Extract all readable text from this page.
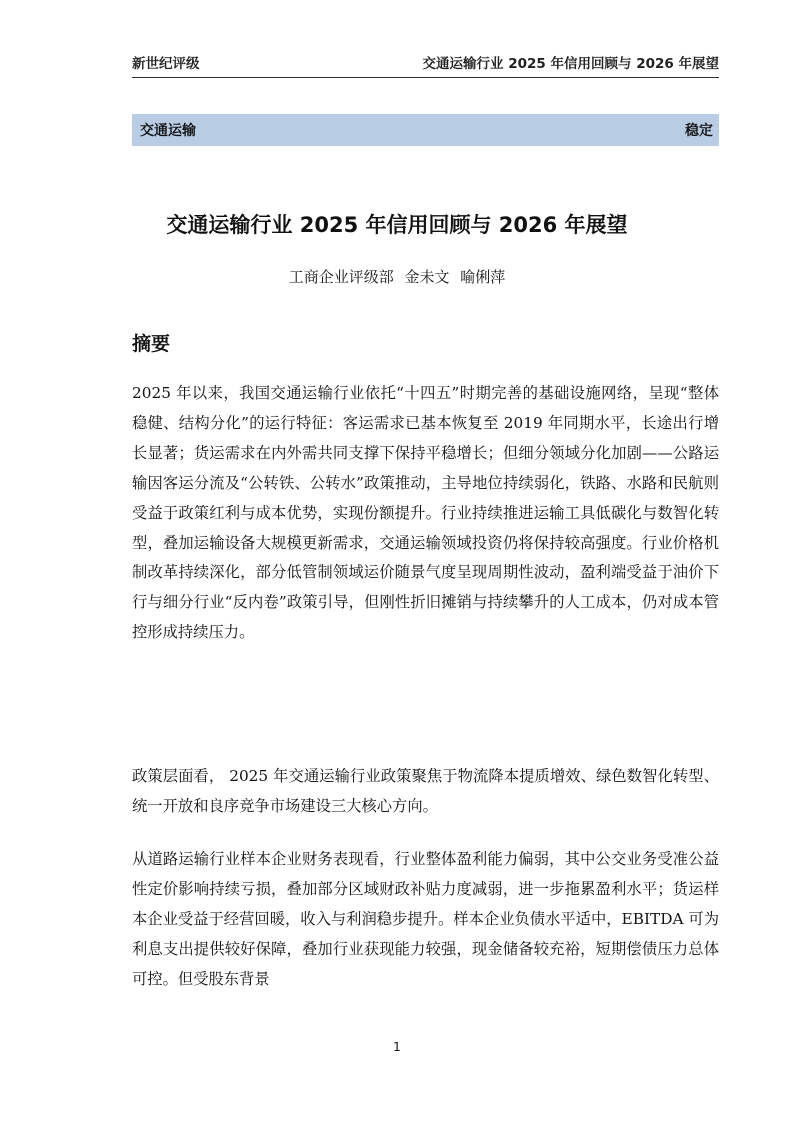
新世纪评级	交通运输行业 2025 年信用回顾与 2026 年展望
交通运输	稳定
交通运输行业 2025 年信用回顾与 2026 年展望
工商企业评级部 金未文 喻俐萍
摘要

2025 年以来，我国交通运输行业依托“十四五”时期完善的基础设施网络，呈现“整体稳健、结构分化”的运行特征：客运需求已基本恢复至 2019 年同期水平，长途出行增长显著；货运需求在内外需共同支撑下保持平稳增长；但细分领域分化加剧——公路运输因客运分流及“公转铁、公转水”政策推动，主导地位持续弱化，铁路、水路和民航则受益于政策红利与成本优势，实现份额提升。行业持续推进运输工具低碳化与数智化转型，叠加运输设备大规模更新需求，交通运输领域投资仍将保持较高强度。行业价格机制改革持续深化，部分低管制领域运价随景气度呈现周期性波动，盈利端受益于油价下行与细分行业“反内卷”政策引导，但刚性折旧摊销与持续攀升的人工成本，仍对成本管控形成持续压力。

政策层面看， 2025 年交通运输行业政策聚焦于物流降本提质增效、绿色数智化转型、统一开放和良序竞争市场建设三大核心方向。

从道路运输行业样本企业财务表现看，行业整体盈利能力偏弱，其中公交业务受准公益性定价影响持续亏损，叠加部分区域财政补贴力度减弱，进一步拖累盈利水平；货运样本企业受益于经营回暖，收入与利润稳步提升。样本企业负债水平适中，EBITDA 可为利息支出提供较好保障，叠加行业获现能力较强，现金储备较充裕，短期偿债压力总体可控。但受股东背景

1
